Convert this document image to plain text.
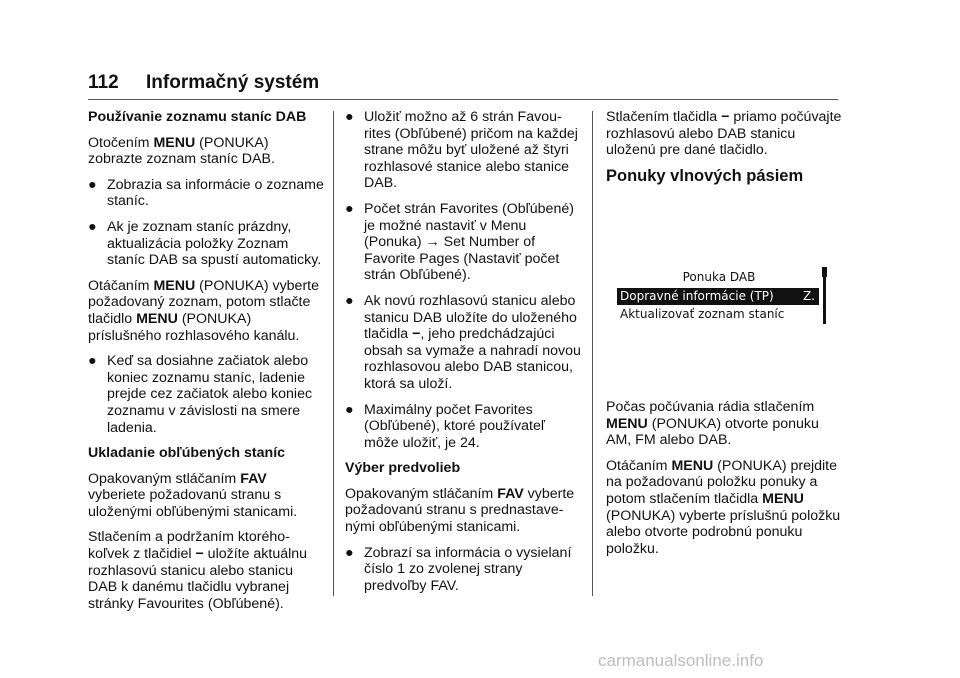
112 Informačný systém

Používanie zoznamu staníc DAB

Otočením MENU (PONUKA) zobrazte zoznam staníc DAB.

● Zobrazia sa informácie o zozname staníc.
● Ak je zoznam staníc prázdny, aktualizácia položky Zoznam staníc DAB sa spustí automaticky.

Otáčaním MENU (PONUKA) vyberte požadovaný zoznam, potom stlačte tlačidlo MENU (PONUKA) príslušného rozhlasového kanálu.

● Keď sa dosiahne začiatok alebo koniec zoznamu staníc, ladenie prejde cez začiatok alebo koniec zoznamu v závislosti na smere ladenia.

Ukladanie obľúbených staníc

Opakovaným stláčaním FAV vyberiete požadovanú stranu s uloženými obľúbenými stanicami.

Stlačením a podržaním ktoréhokoľvek z tlačidiel − uložíte aktuálnu rozhlasovú stanicu alebo stanicu DAB k danému tlačidlu vybranej stránky Favourites (Obľúbené).

● Uložiť možno až 6 strán Favourites (Obľúbené) pričom na každej strane môžu byť uložené až štyri rozhlasové stanice alebo stanice DAB.
● Počet strán Favorites (Obľúbené) je možné nastaviť v Menu (Ponuka) → Set Number of Favorite Pages (Nastaviť počet strán Obľúbené).
● Ak novú rozhlasovú stanicu alebo stanicu DAB uložíte do uloženého tlačidla −, jeho predchádzajúci obsah sa vymaže a nahradí novou rozhlasovou alebo DAB stanicou, ktorá sa uloží.
● Maximálny počet Favorites (Obľúbené), ktoré používateľ môže uložiť, je 24.

Výber predvolieb

Opakovaným stláčaním FAV vyberte požadovanú stranu s prednastavenými obľúbenými stanicami.

● Zobrazí sa informácia o vysielaní číslo 1 zo zvolenej strany predvoľby FAV.

Stlačením tlačidla − priamo počúvajte rozhlasovú alebo DAB stanicu uloženú pre dané tlačidlo.

Ponuky vlnových pásiem

Ponuka DAB
Dopravné informácie (TP) Z.
Aktualizovať zoznam staníc

Počas počúvania rádia stlačením MENU (PONUKA) otvorte ponuku AM, FM alebo DAB.

Otáčaním MENU (PONUKA) prejdite na požadovanú položku ponuky a potom stlačením tlačidla MENU (PONUKA) vyberte príslušnú položku alebo otvorte podrobnú ponuku položku.

carmanualsonline.info
